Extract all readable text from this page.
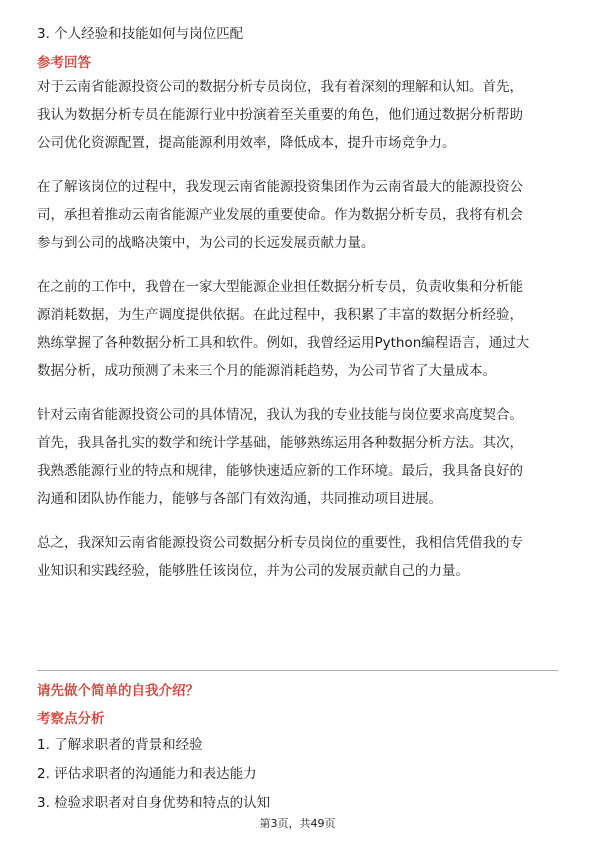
3. 个人经验和技能如何与岗位匹配
参考回答
对于云南省能源投资公司的数据分析专员岗位，我有着深刻的理解和认知。首先，
我认为数据分析专员在能源行业中扮演着至关重要的角色，他们通过数据分析帮助
公司优化资源配置，提高能源利用效率，降低成本，提升市场竞争力。
在了解该岗位的过程中，我发现云南省能源投资集团作为云南省最大的能源投资公
司，承担着推动云南省能源产业发展的重要使命。作为数据分析专员，我将有机会
参与到公司的战略决策中，为公司的长远发展贡献力量。
在之前的工作中，我曾在一家大型能源企业担任数据分析专员，负责收集和分析能
源消耗数据，为生产调度提供依据。在此过程中，我积累了丰富的数据分析经验，
熟练掌握了各种数据分析工具和软件。例如，我曾经运用Python编程语言，通过大
数据分析，成功预测了未来三个月的能源消耗趋势，为公司节省了大量成本。
针对云南省能源投资公司的具体情况，我认为我的专业技能与岗位要求高度契合。
首先，我具备扎实的数学和统计学基础，能够熟练运用各种数据分析方法。其次，
我熟悉能源行业的特点和规律，能够快速适应新的工作环境。最后，我具备良好的
沟通和团队协作能力，能够与各部门有效沟通，共同推动项目进展。
总之，我深知云南省能源投资公司数据分析专员岗位的重要性，我相信凭借我的专
业知识和实践经验，能够胜任该岗位，并为公司的发展贡献自己的力量。
请先做个简单的自我介绍？
考察点分析
1. 了解求职者的背景和经验
2. 评估求职者的沟通能力和表达能力
3. 检验求职者对自身优势和特点的认知
第3页，共49页
